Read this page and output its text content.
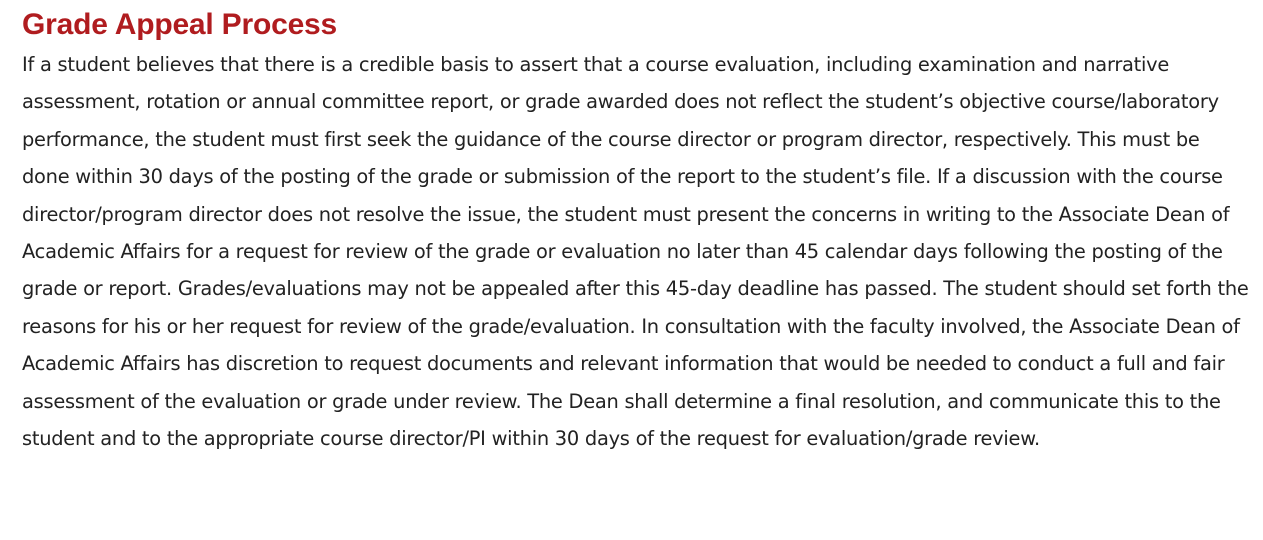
Grade Appeal Process

If a student believes that there is a credible basis to assert that a course evaluation, including examination and narrative assessment, rotation or annual committee report, or grade awarded does not reflect the student’s objective course/laboratory performance, the student must first seek the guidance of the course director or program director, respectively. This must be done within 30 days of the posting of the grade or submission of the report to the student’s file. If a discussion with the course director/program director does not resolve the issue, the student must present the concerns in writing to the Associate Dean of Academic Affairs for a request for review of the grade or evaluation no later than 45 calendar days following the posting of the grade or report. Grades/evaluations may not be appealed after this 45-day deadline has passed. The student should set forth the reasons for his or her request for review of the grade/evaluation. In consultation with the faculty involved, the Associate Dean of Academic Affairs has discretion to request documents and relevant information that would be needed to conduct a full and fair assessment of the evaluation or grade under review. The Dean shall determine a final resolution, and communicate this to the student and to the appropriate course director/PI within 30 days of the request for evaluation/grade review.
